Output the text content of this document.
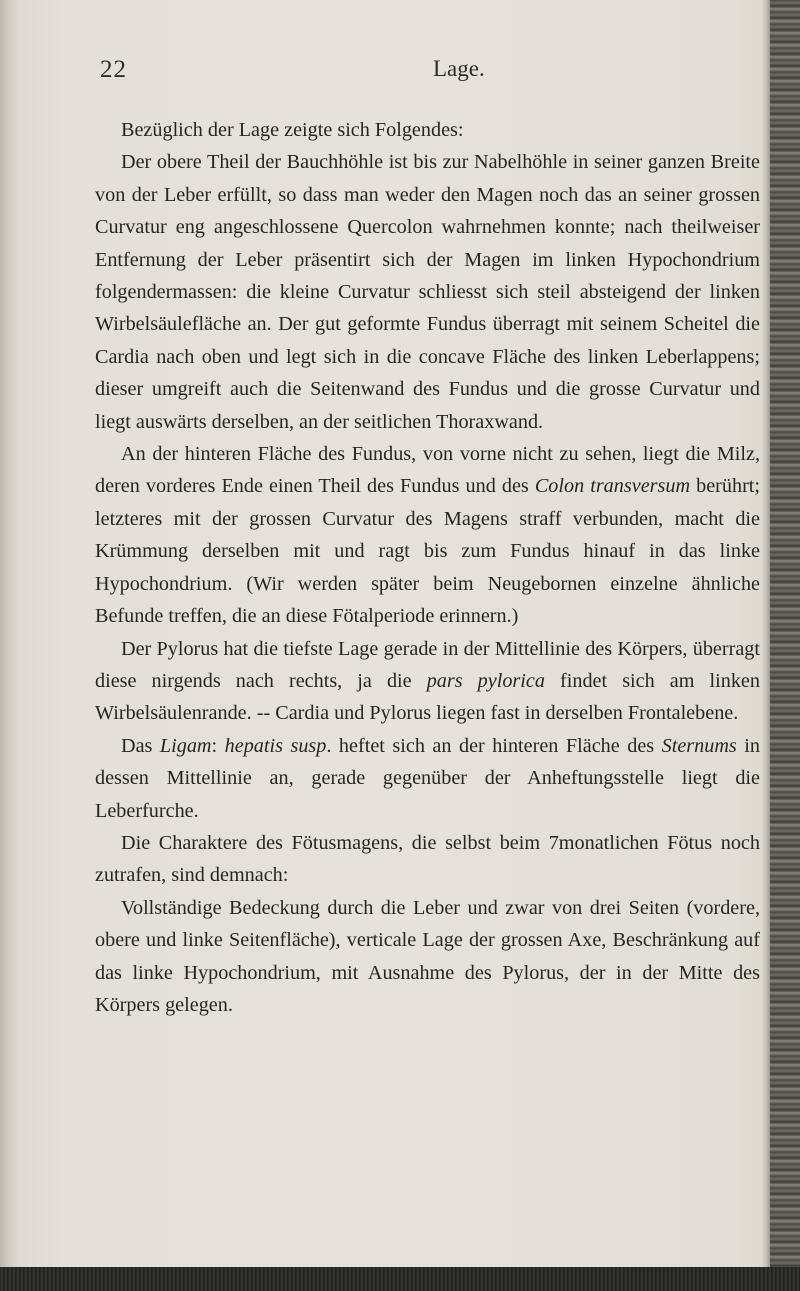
22	Lage.

Bezüglich der Lage zeigte sich Folgendes:

Der obere Theil der Bauchhöhle ist bis zur Nabelhöhle in seiner ganzen Breite von der Leber erfüllt, so dass man weder den Magen noch das an seiner grossen Curvatur eng angeschlossene Quercolon wahrnehmen konnte; nach theilweiser Entfernung der Leber präsentirt sich der Magen im linken Hypochondrium folgendermassen: die kleine Curvatur schliesst sich steil absteigend der linken Wirbelsäulefläche an. Der gut geformte Fundus überragt mit seinem Scheitel die Cardia nach oben und legt sich in die concave Fläche des linken Leberlappens; dieser umgreift auch die Seitenwand des Fundus und die grosse Curvatur und liegt auswärts derselben, an der seitlichen Thoraxwand.

An der hinteren Fläche des Fundus, von vorne nicht zu sehen, liegt die Milz, deren vorderes Ende einen Theil des Fundus und des Colon transversum berührt; letzteres mit der grossen Curvatur des Magens straff verbunden, macht die Krümmung derselben mit und ragt bis zum Fundus hinauf in das linke Hypochondrium. (Wir werden später beim Neugebornen einzelne ähnliche Befunde treffen, die an diese Fötalperiode erinnern.)

Der Pylorus hat die tiefste Lage gerade in der Mittellinie des Körpers, überragt diese nirgends nach rechts, ja die pars pylorica findet sich am linken Wirbelsäulenrande. -- Cardia und Pylorus liegen fast in derselben Frontalebene.

Das Ligam: hepatis susp. heftet sich an der hinteren Fläche des Sternums in dessen Mittellinie an, gerade gegenüber der Anheftungsstelle liegt die Leberfurche.

Die Charaktere des Fötusmagens, die selbst beim 7monatlichen Fötus noch zutrafen, sind demnach:

Vollständige Bedeckung durch die Leber und zwar von drei Seiten (vordere, obere und linke Seitenfläche), verticale Lage der grossen Axe, Beschränkung auf das linke Hypochondrium, mit Ausnahme des Pylorus, der in der Mitte des Körpers gelegen.
